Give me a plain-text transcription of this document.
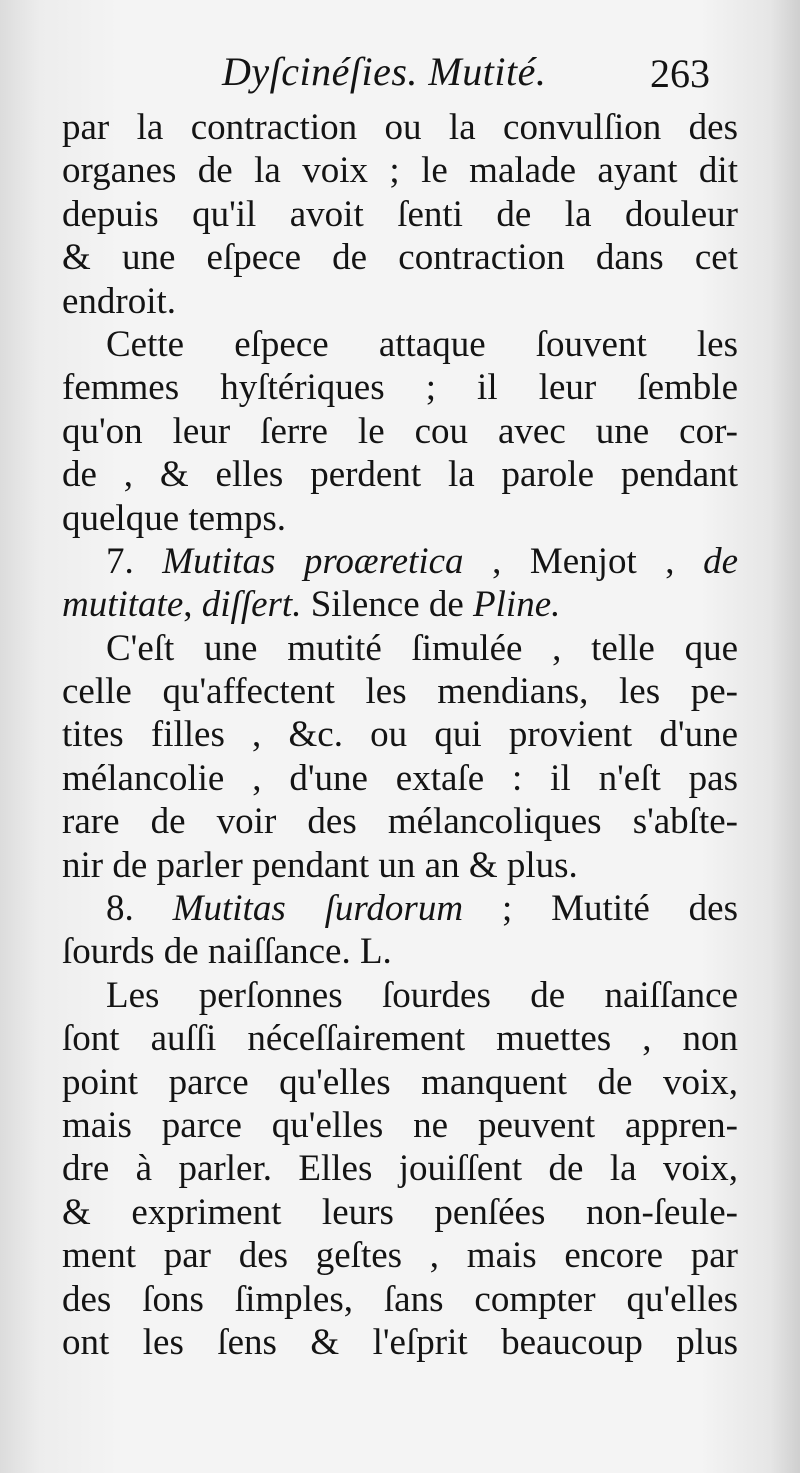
Dyſcinéſies. Mutité.	263
par la contraction ou la convulſion des
organes de la voix ; le malade ayant dit
depuis qu'il avoit ſenti de la douleur
& une eſpece de contraction dans cet
endroit.
Cette eſpece attaque ſouvent les
femmes hyſtériques ; il leur ſemble
qu'on leur ſerre le cou avec une cor-
de , & elles perdent la parole pendant
quelque temps.
7. Mutitas proæretica , Menjot , de
mutitate, diſſert. Silence de Pline.
C'eſt une mutité ſimulée , telle que
celle qu'affectent les mendians, les pe-
tites filles , &c. ou qui provient d'une
mélancolie , d'une extaſe : il n'eſt pas
rare de voir des mélancoliques s'abſte-
nir de parler pendant un an & plus.
8. Mutitas ſurdorum ; Mutité des
ſourds de naiſſance. L.
Les perſonnes ſourdes de naiſſance
ſont auſſi néceſſairement muettes , non
point parce qu'elles manquent de voix,
mais parce qu'elles ne peuvent appren-
dre à parler. Elles jouiſſent de la voix,
& expriment leurs penſées non-ſeule-
ment par des geſtes , mais encore par
des ſons ſimples, ſans compter qu'elles
ont les ſens & l'eſprit beaucoup plus
